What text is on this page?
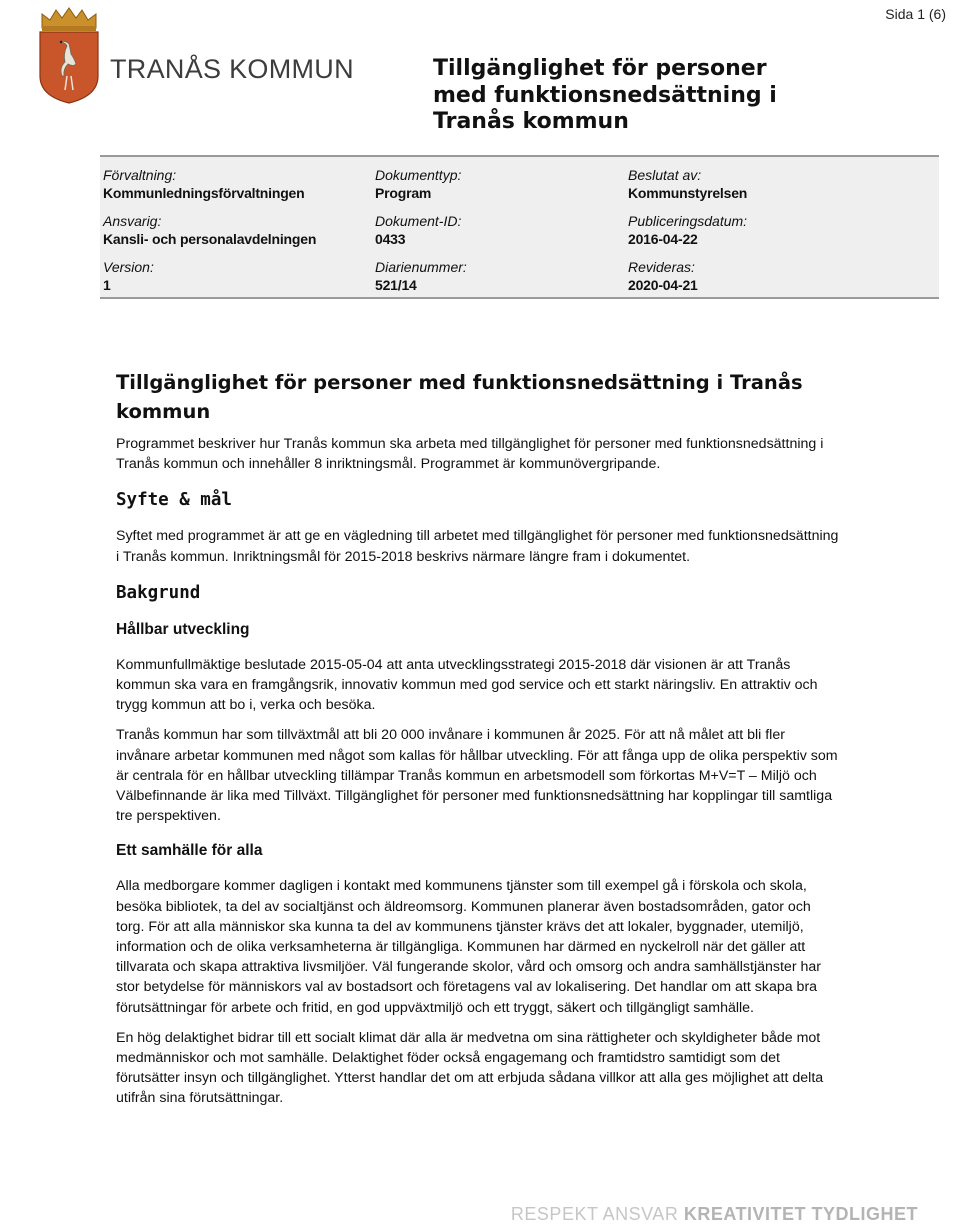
Sida 1 (6)
TRANÅS KOMMUN	Tillgänglighet för personer med funktionsnedsättning i Tranås kommun
Förvaltning:
Kommunledningsförvaltningen
Dokumenttyp:
Program
Beslutat av:
Kommunstyrelsen
Ansvarig:
Kansli- och personalavdelningen
Dokument-ID:
0433
Publiceringsdatum:
2016-04-22
Version:
1
Diarienummer:
521/14
Revideras:
2020-04-21
Tillgänglighet för personer med funktionsnedsättning i Tranås kommun

Programmet beskriver hur Tranås kommun ska arbeta med tillgänglighet för personer med funktionsnedsättning i Tranås kommun och innehåller 8 inriktningsmål. Programmet är kommunövergripande.

Syfte & mål

Syftet med programmet är att ge en vägledning till arbetet med tillgänglighet för personer med funktionsnedsättning i Tranås kommun. Inriktningsmål för 2015-2018 beskrivs närmare längre fram i dokumentet.

Bakgrund
Hållbar utveckling

Kommunfullmäktige beslutade 2015-05-04 att anta utvecklingsstrategi 2015-2018 där visionen är att Tranås kommun ska vara en framgångsrik, innovativ kommun med god service och ett starkt näringsliv. En attraktiv och trygg kommun att bo i, verka och besöka.

Tranås kommun har som tillväxtmål att bli 20 000 invånare i kommunen år 2025. För att nå målet att bli fler invånare arbetar kommunen med något som kallas för hållbar utveckling. För att fånga upp de olika perspektiv som är centrala för en hållbar utveckling tillämpar Tranås kommun en arbetsmodell som förkortas M+V=T – Miljö och Välbefinnande är lika med Tillväxt. Tillgänglighet för personer med funktionsnedsättning har kopplingar till samtliga tre perspektiven.

Ett samhälle för alla

Alla medborgare kommer dagligen i kontakt med kommunens tjänster som till exempel gå i förskola och skola, besöka bibliotek, ta del av socialtjänst och äldreomsorg. Kommunen planerar även bostadsområden, gator och torg. För att alla människor ska kunna ta del av kommunens tjänster krävs det att lokaler, byggnader, utemiljö, information och de olika verksamheterna är tillgängliga. Kommunen har därmed en nyckelroll när det gäller att tillvarata och skapa attraktiva livsmiljöer. Väl fungerande skolor, vård och omsorg och andra samhällstjänster har stor betydelse för människors val av bostadsort och företagens val av lokalisering. Det handlar om att skapa bra förutsättningar för arbete och fritid, en god uppväxtmiljö och ett tryggt, säkert och tillgängligt samhälle.

En hög delaktighet bidrar till ett socialt klimat där alla är medvetna om sina rättigheter och skyldigheter både mot medmänniskor och mot samhälle. Delaktighet föder också engagemang och framtidstro samtidigt som det förutsätter insyn och tillgänglighet. Ytterst handlar det om att erbjuda sådana villkor att alla ges möjlighet att delta utifrån sina förutsättningar.

RESPEKT ANSVAR KREATIVITET TYDLIGHET
